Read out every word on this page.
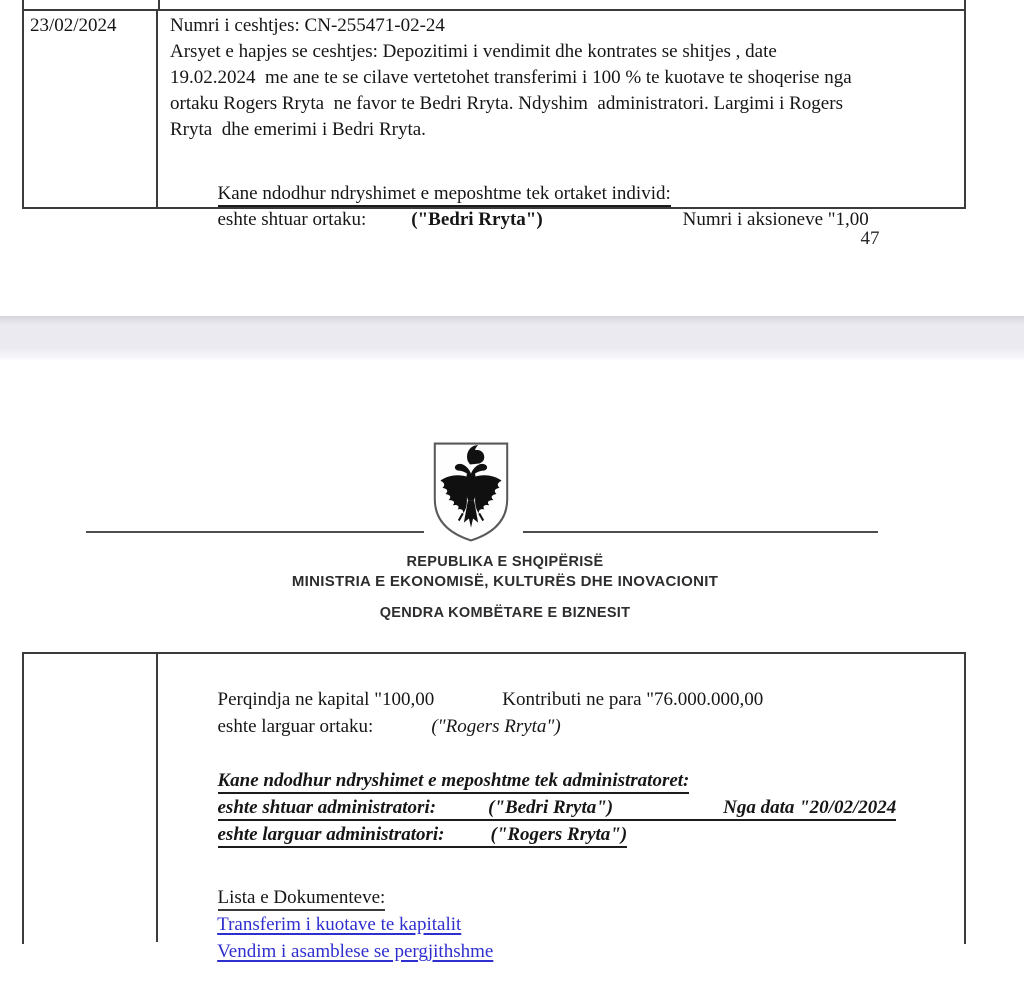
23/02/2024	Numri i ceshtjes: CN-255471-02-24
Arsyet e hapjes se ceshtjes: Depozitimi i vendimit dhe kontrates se shitjes , date
19.02.2024  me ane te se cilave vertetohet transferimi i 100 % te kuotave te shoqerise nga
ortaku Rogers Rryta  ne favor te Bedri Rryta. Ndyshim  administratori. Largimi i Rogers
Rryta  dhe emerimi i Bedri Rryta.

Kane ndodhur ndryshimet e meposhtme tek ortaket individ:

eshte shtuar ortaku: ("Bedri Rryta")	Numri i aksioneve "1,00

47
REPUBLIKA E SHQIPËRISË
MINISTRIA E EKONOMISË, KULTURËS DHE INOVACIONIT
QENDRA KOMBËTARE E BIZNESIT

Perqindja ne kapital "100,00	Kontributi ne para "76.000.000,00

eshte larguar ortaku:	("Rogers Rryta")

Kane ndodhur ndryshimet e meposhtme tek administratoret:

eshte shtuar administratori:	("Bedri Rryta")	Nga data "20/02/2024

eshte larguar administratori: ("Rogers Rryta")

Lista e Dokumenteve:

Transferim i kuotave te kapitalit

Vendim i asamblese se pergjithshme
